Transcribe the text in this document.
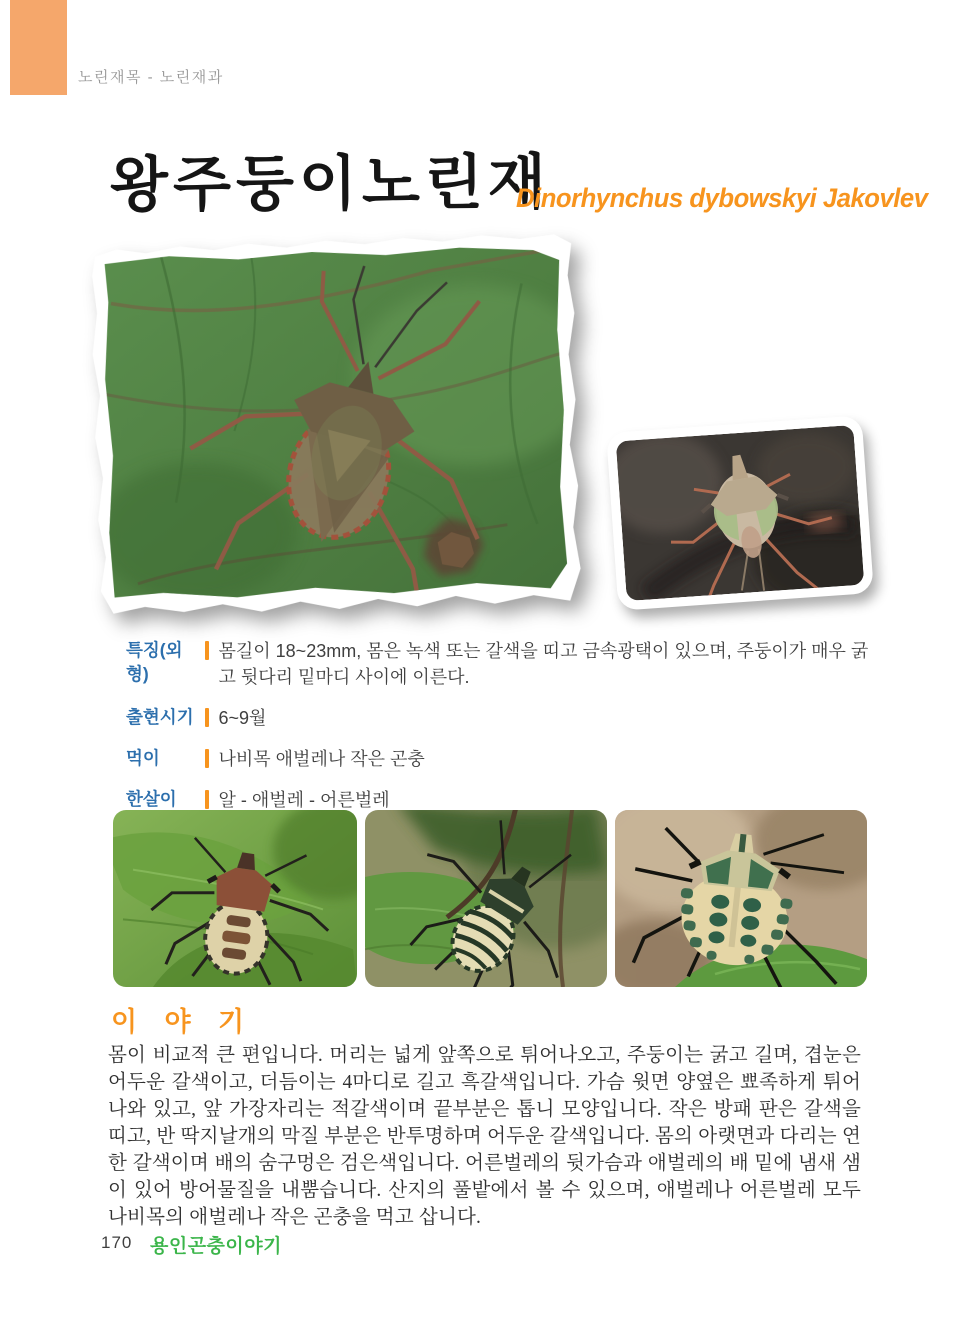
노린재목 - 노린재과
왕주둥이노린재
Dinorhynchus dybowskyi Jakovlev
특징(외형)
몸길이 18~23mm, 몸은 녹색 또는 갈색을 띠고 금속광택이 있으며, 주둥이가 매우 굵고 뒷다리 밑마디 사이에 이른다.
출현시기 6~9월
먹이	나비목 애벌레나 작은 곤충
한살이	알 - 애벌레 - 어른벌레
이 야 기
몸이 비교적 큰 편입니다. 머리는 넓게 앞쪽으로 튀어나오고, 주둥이는 굵고 길며, 겹눈은 어두운 갈색이고, 더듬이는 4마디로 길고 흑갈색입니다. 가슴 윗면 양옆은 뾰족하게 튀어나와 있고, 앞 가장자리는 적갈색이며 끝부분은 톱니 모양입니다. 작은 방패 판은 갈색을 띠고, 반 딱지날개의 막질 부분은 반투명하며 어두운 갈색입니다. 몸의 아랫면과 다리는 연한 갈색이며 배의 숨구멍은 검은색입니다. 어른벌레의 뒷가슴과 애벌레의 배 밑에 냄새 샘이 있어 방어물질을 내뿜습니다. 산지의 풀밭에서 볼 수 있으며, 애벌레나 어른벌레 모두 나비목의 애벌레나 작은 곤충을 먹고 삽니다.
170 용인곤충이야기
